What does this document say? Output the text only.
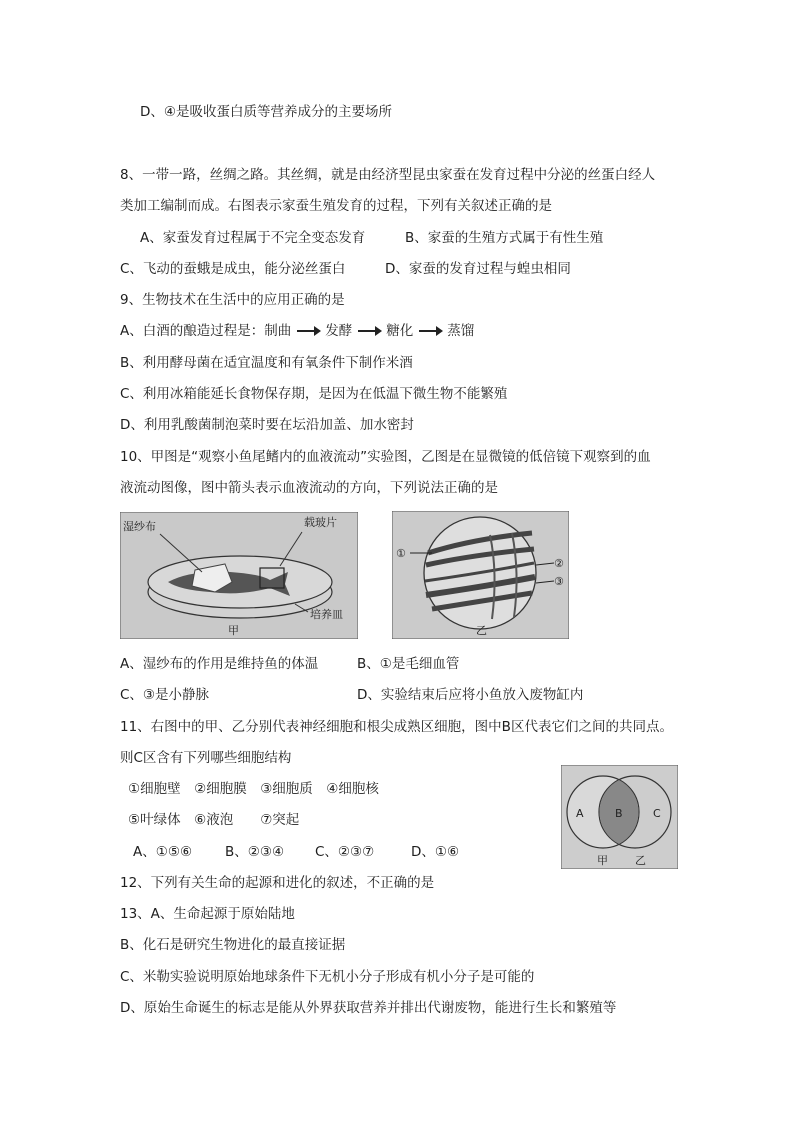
D、④是吸收蛋白质等营养成分的主要场所
8、一带一路，丝绸之路。其丝绸，就是由经济型昆虫家蚕在发育过程中分泌的丝蛋白经人
类加工编制而成。右图表示家蚕生殖发育的过程，下列有关叙述正确的是
A、家蚕发育过程属于不完全变态发育	B、家蚕的生殖方式属于有性生殖
C、飞动的蚕蛾是成虫，能分泌丝蛋白	D、家蚕的发育过程与蝗虫相同
9、生物技术在生活中的应用正确的是
A、白酒的酿造过程是：制曲	发酵	糖化	蒸馏
B、利用酵母菌在适宜温度和有氧条件下制作米酒
C、利用冰箱能延长食物保存期，是因为在低温下微生物不能繁殖
D、利用乳酸菌制泡菜时要在坛沿加盖、加水密封
10、甲图是“观察小鱼尾鳍内的血液流动”实验图，乙图是在显微镜的低倍镜下观察到的血
液流动图像，图中箭头表示血液流动的方向，下列说法正确的是
湿纱布	载玻片
培养皿
甲
①
②
③
乙
A、湿纱布的作用是维持鱼的体温	B、①是毛细血管
C、③是小静脉	D、实验结束后应将小鱼放入废物缸内
11、右图中的甲、乙分别代表神经细胞和根尖成熟区细胞，图中B区代表它们之间的共同点。
则C区含有下列哪些细胞结构
①细胞壁　②细胞膜　③细胞质　④细胞核
⑤叶绿体　⑥液泡　　⑦突起
A、①⑤⑥ B、②③④ C、②③⑦	D、①⑥
A	B	C
甲 乙
12、下列有关生命的起源和进化的叙述，不正确的是
13、A、生命起源于原始陆地
B、化石是研究生物进化的最直接证据
C、米勒实验说明原始地球条件下无机小分子形成有机小分子是可能的
D、原始生命诞生的标志是能从外界获取营养并排出代谢废物，能进行生长和繁殖等
